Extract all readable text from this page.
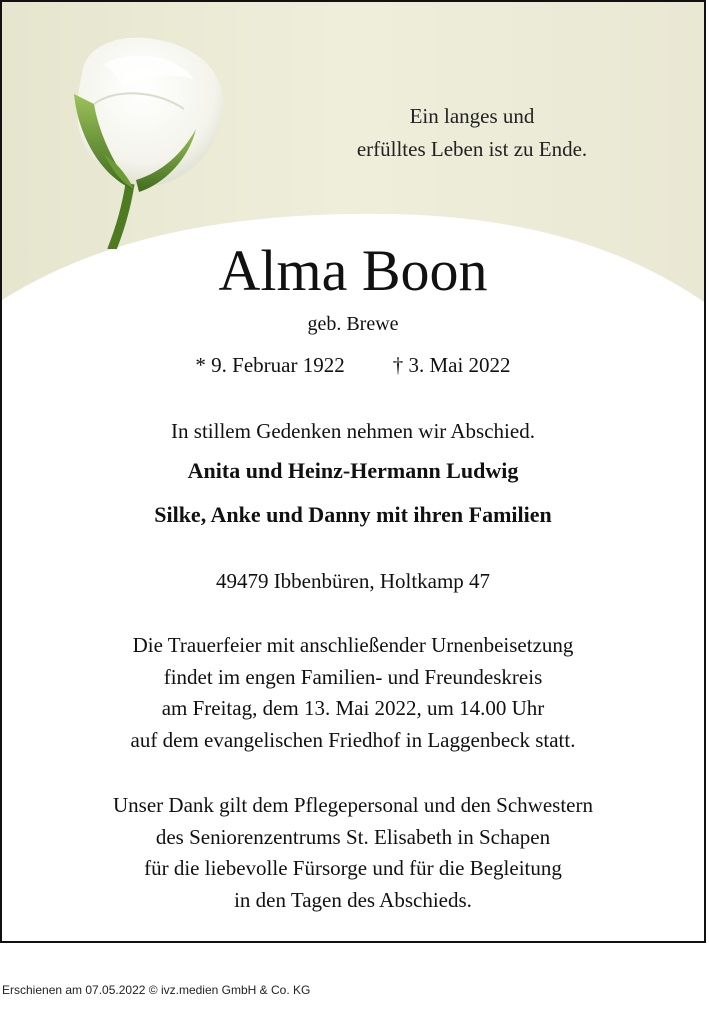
Ein langes und
erfülltes Leben ist zu Ende.
Alma Boon
geb. Brewe
* 9. Februar 1922 † 3. Mai 2022
In stillem Gedenken nehmen wir Abschied.
Anita und Heinz-Hermann Ludwig
Silke, Anke und Danny mit ihren Familien
49479 Ibbenbüren, Holtkamp 47
Die Trauerfeier mit anschließender Urnenbeisetzung
findet im engen Familien- und Freundeskreis
am Freitag, dem 13. Mai 2022, um 14.00 Uhr
auf dem evangelischen Friedhof in Laggenbeck statt.
Unser Dank gilt dem Pflegepersonal und den Schwestern
des Seniorenzentrums St. Elisabeth in Schapen
für die liebevolle Fürsorge und für die Begleitung
in den Tagen des Abschieds.
Erschienen am 07.05.2022 © ivz.medien GmbH & Co. KG
